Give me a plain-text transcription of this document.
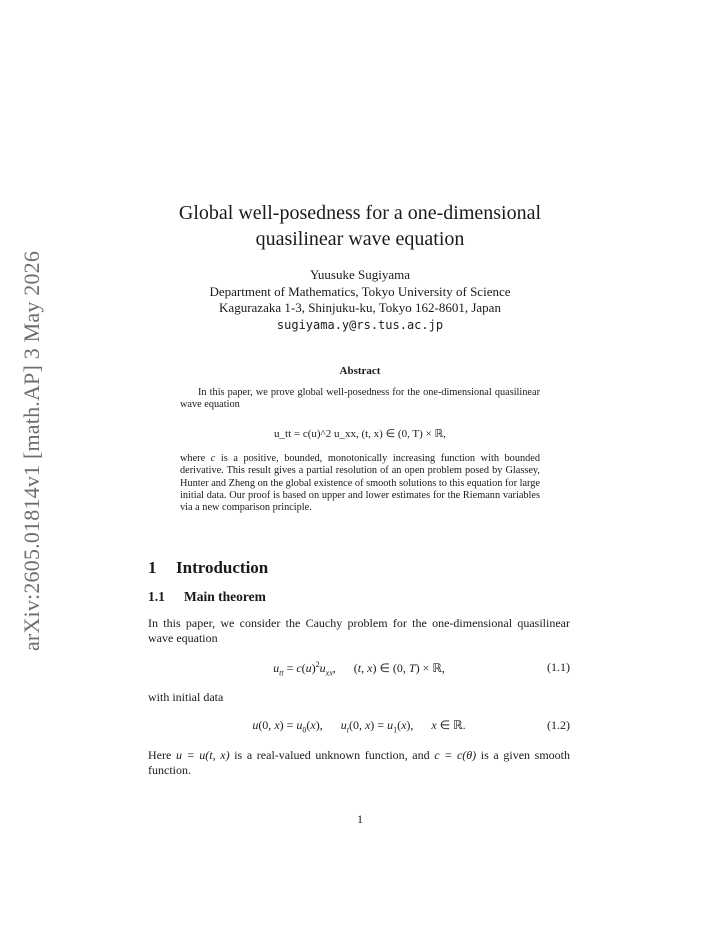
arXiv:2605.01814v1 [math.AP] 3 May 2026
Global well-posedness for a one-dimensional
quasilinear wave equation
Yuusuke Sugiyama
Department of Mathematics, Tokyo University of Science
Kagurazaka 1-3, Shinjuku-ku, Tokyo 162-8601, Japan
sugiyama.y@rs.tus.ac.jp
Abstract

In this paper, we prove global well-posedness for the one-dimensional quasilinear wave equation

u_tt = c(u)^2 u_xx, (t, x) ∈ (0, T) × ℝ,

where c is a positive, bounded, monotonically increasing function with bounded derivative. This result gives a partial resolution of an open problem posed by Glassey, Hunter and Zheng on the global existence of smooth solutions to this equation for large initial data. Our proof is based on upper and lower estimates for the Riemann variables via a new comparison principle.

1 Introduction
1.1 Main theorem

In this paper, we consider the Cauchy problem for the one-dimensional quasilinear wave equation

$u_{tt} = c(u)^2u_{xx}$,      (t, x) ∈ (0, T) × ℝ,	(1.1)

with initial data

u(0, $x) = u_0(x)$,      $u_t(0$, $x) = u_1(x)$,      x ∈ ℝ.	(1.2)

Here u = u(t, x) is a real-valued unknown function, and c = c(θ) is a given smooth function.

1
